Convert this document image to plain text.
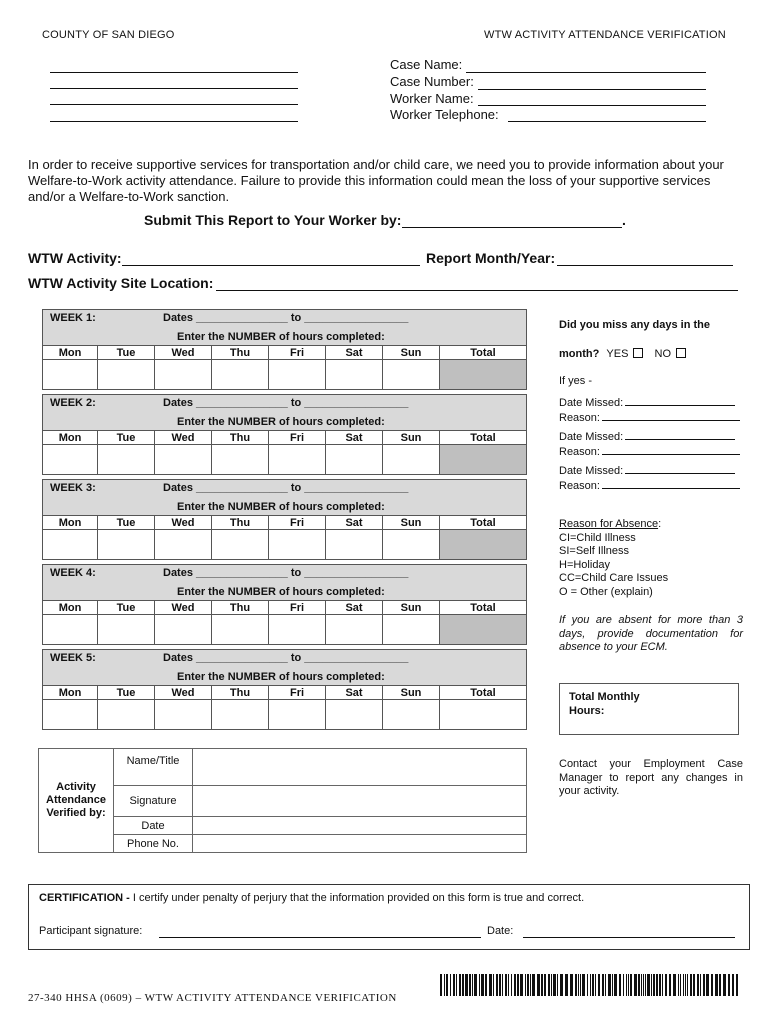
COUNTY OF SAN DIEGO	WTW ACTIVITY ATTENDANCE VERIFICATION
Case Name:
Case Number:
Worker Name:
Worker Telephone:
In order to receive supportive services for transportation and/or child care, we need you to provide information about your Welfare-to-Work activity attendance. Failure to provide this information could mean the loss of your supportive services and/or a Welfare-to-Work sanction.
Submit This Report to Your Worker by:	.
WTW Activity:	Report Month/Year:
WTW Activity Site Location:
WEEK 1: Dates _______________ to _________________
Enter the NUMBER of hours completed:							

Mon	Tue	Wed	Thu	Fri	Sat	Sun	Total

WEEK 2: Dates _______________ to _________________
Enter the NUMBER of hours completed:							

Mon	Tue	Wed	Thu	Fri	Sat	Sun	Total

WEEK 3: Dates _______________ to _________________
Enter the NUMBER of hours completed:							

Mon	Tue	Wed	Thu	Fri	Sat	Sun	Total

WEEK 4: Dates _______________ to _________________
Enter the NUMBER of hours completed:							

Mon	Tue	Wed	Thu	Fri	Sat	Sun	Total

WEEK 5: Dates _______________ to _________________
Enter the NUMBER of hours completed:							

Mon	Tue	Wed	Thu	Fri	Sat	Sun	Total

Did you miss any days in the
month? YES NO
If yes -
Date Missed:
Reason:
Date Missed:
Reason:
Date Missed:
Reason:
Reason for Absence:
CI=Child Illness
SI=Self Illness
H=Holiday
CC=Child Care Issues
O = Other (explain)
If you are absent for more than 3 days, provide documentation for absence to your ECM.
Total Monthly Hours:
Contact your Employment Case Manager to report any changes in your activity.
Activity Attendance Verified by:	Name/Title	
	Signature	
	Date	
	Phone No.	
CERTIFICATION - I certify under penalty of perjury that the information provided on this form is true and correct.
Participant signature:	Date:
27-340 HHSA (0609) – WTW ACTIVITY ATTENDANCE VERIFICATION
